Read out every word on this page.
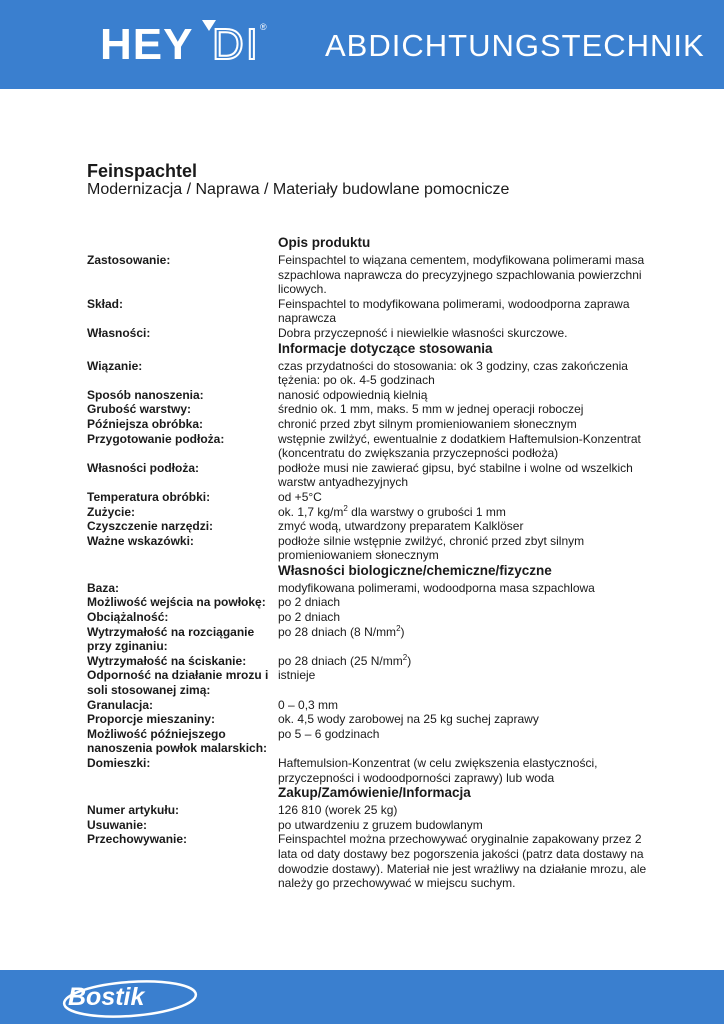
HEY DI ®
ABDICHTUNGSTECHNIK
Feinspachtel
Modernizacja / Naprawa / Materiały budowlane pomocnicze
Opis produktu
Zastosowanie:	Feinspachtel to wiązana cementem, modyfikowana polimerami masa szpachlowa naprawcza do precyzyjnego szpachlowania powierzchni licowych.
Skład:	Feinspachtel to modyfikowana polimerami, wodoodporna zaprawa naprawcza
Własności:	Dobra przyczepność i niewielkie własności skurczowe.
Informacje dotyczące stosowania
Wiązanie:	czas przydatności do stosowania: ok 3 godziny, czas zakończenia tężenia: po ok. 4-5 godzinach
Sposób nanoszenia:	nanosić odpowiednią kielnią
Grubość warstwy:	średnio ok. 1 mm, maks. 5 mm w jednej operacji roboczej
Późniejsza obróbka:	chronić przed zbyt silnym promieniowaniem słonecznym
Przygotowanie podłoża:	wstępnie zwilżyć, ewentualnie z dodatkiem Haftemulsion-Konzentrat (koncentratu do zwiększania przyczepności podłoża)
Własności podłoża:	podłoże musi nie zawierać gipsu, być stabilne i wolne od wszelkich warstw antyadhezyjnych
Temperatura obróbki:	od +5°C
Zużycie:	ok. 1,7 $kg/m^2$ dla warstwy o grubości 1 mm
Czyszczenie narzędzi:	zmyć wodą, utwardzony preparatem Kalklöser
Ważne wskazówki:	podłoże silnie wstępnie zwilżyć, chronić przed zbyt silnym promieniowaniem słonecznym
Własności biologiczne/chemiczne/fizyczne
Baza:	modyfikowana polimerami, wodoodporna masa szpachlowa
Możliwość wejścia na powłokę:	po 2 dniach
Obciążalność:	po 2 dniach
Wytrzymałość na rozciąganie przy zginaniu:
po 28 dniach (8 $N/mm^2$)
Wytrzymałość na ściskanie:	po 28 dniach (25 $N/mm^2$)
Odporność na działanie mrozu i soli stosowanej zimą:
istnieje
Granulacja:	0 – 0,3 mm
Proporcje mieszaniny:	ok. 4,5 wody zarobowej na 25 kg suchej zaprawy
Możliwość późniejszego nanoszenia powłok malarskich:
po 5 – 6 godzinach
Domieszki:	Haftemulsion-Konzentrat (w celu zwiększenia elastyczności, przyczepności i wodoodporności zaprawy) lub woda
Zakup/Zamówienie/Informacja
Numer artykułu:	126 810 (worek 25 kg)
Usuwanie:	po utwardzeniu z gruzem budowlanym
Przechowywanie:	Feinspachtel można przechowywać oryginalnie zapakowany przez 2 lata od daty dostawy bez pogorszenia jakości (patrz data dostawy na dowodzie dostawy). Materiał nie jest wrażliwy na działanie mrozu, ale należy go przechowywać w miejscu suchym.
Bostik
